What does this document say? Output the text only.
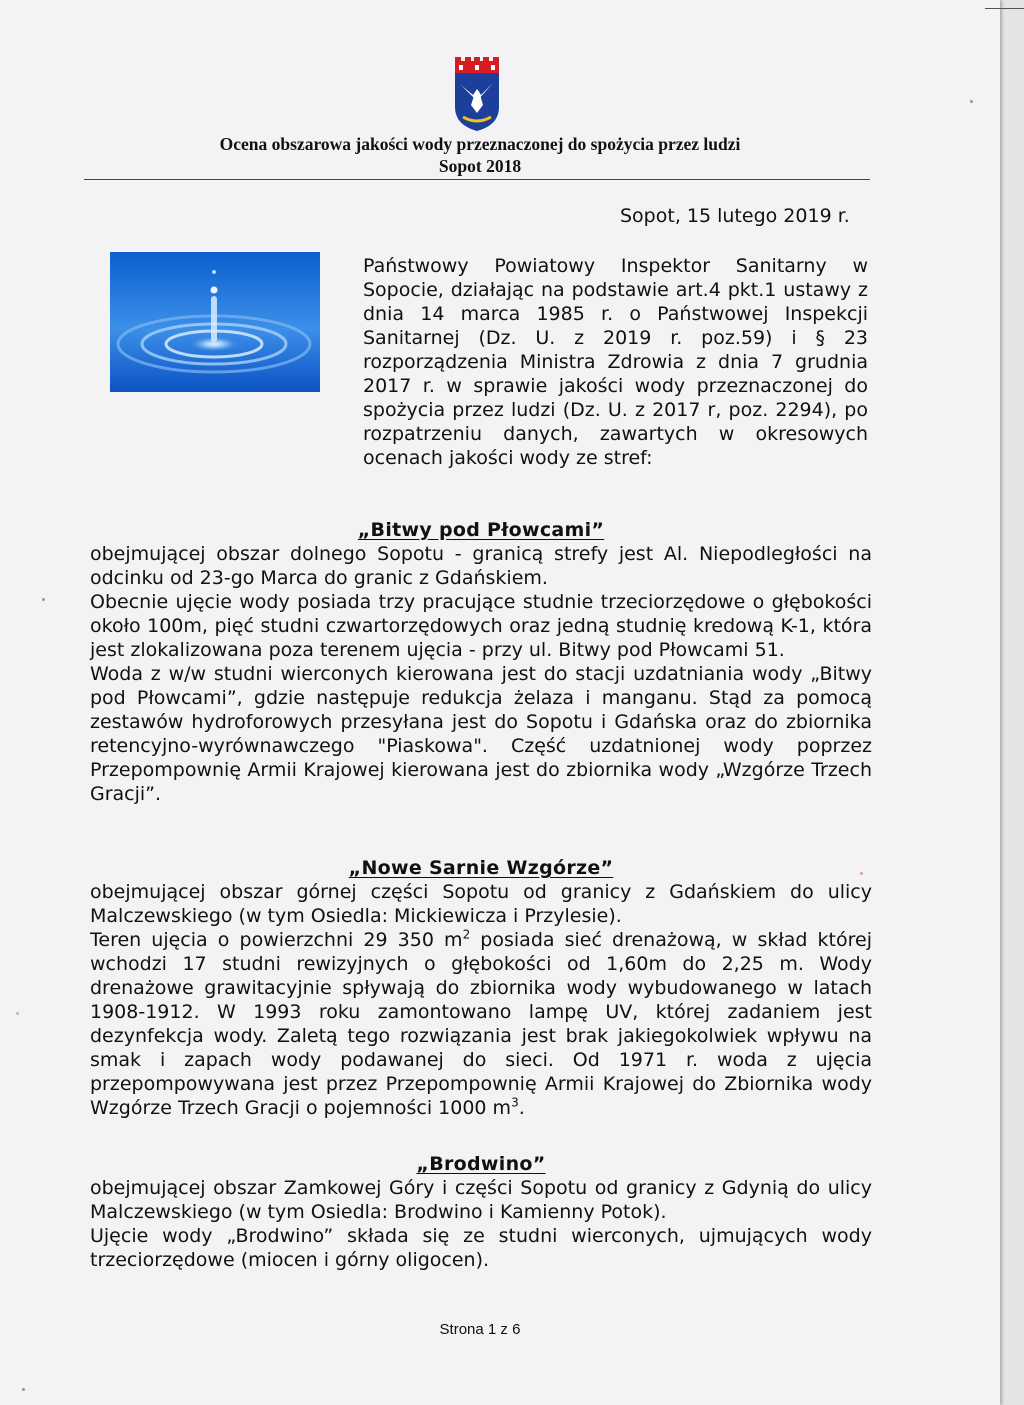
Ocena obszarowa jakości wody przeznaczonej do spożycia przez ludzi
Sopot 2018
Sopot, 15 lutego 2019 r.

Państwowy Powiatowy Inspektor Sanitarny w Sopocie, działając na podstawie art.4 pkt.1 ustawy z dnia 14 marca 1985 r. o Państwowej Inspekcji Sanitarnej (Dz. U. z 2019 r. poz.59) i § 23 rozporządzenia Ministra Zdrowia z dnia 7 grudnia 2017 r. w sprawie jakości wody przeznaczonej do spożycia przez ludzi (Dz. U. z 2017 r, poz. 2294), po rozpatrzeniu danych, zawartych w okresowych ocenach jakości wody ze stref:

„Bitwy pod Płowcami”

obejmującej obszar dolnego Sopotu - granicą strefy jest Al. Niepodległości na odcinku od 23-go Marca do granic z Gdańskiem.

Obecnie ujęcie wody posiada trzy pracujące studnie trzeciorzędowe o głębokości około 100m, pięć studni czwartorzędowych oraz jedną studnię kredową K-1, która jest zlokalizowana poza terenem ujęcia - przy ul. Bitwy pod Płowcami 51.

Woda z w/w studni wierconych kierowana jest do stacji uzdatniania wody „Bitwy pod Płowcami”, gdzie następuje redukcja żelaza i manganu. Stąd za pomocą zestawów hydroforowych przesyłana jest do Sopotu i Gdańska oraz do zbiornika retencyjno-wyrównawczego "Piaskowa". Część uzdatnionej wody poprzez Przepompownię Armii Krajowej kierowana jest do zbiornika wody „Wzgórze Trzech Gracji”.

„Nowe Sarnie Wzgórze”

obejmującej obszar górnej części Sopotu od granicy z Gdańskiem do ulicy Malczewskiego (w tym Osiedla: Mickiewicza i Przylesie).

Teren ujęcia o powierzchni 29 350 $m^2$ posiada sieć drenażową, w skład której wchodzi 17 studni rewizyjnych o głębokości od 1,60m do 2,25 m. Wody drenażowe grawitacyjnie spływają do zbiornika wody wybudowanego w latach 1908-1912. W 1993 roku zamontowano lampę UV, której zadaniem jest dezynfekcja wody. Zaletą tego rozwiązania jest brak jakiegokolwiek wpływu na smak i zapach wody podawanej do sieci. Od 1971 r. woda z ujęcia przepompowywana jest przez Przepompownię Armii Krajowej do Zbiornika wody Wzgórze Trzech Gracji o pojemności 1000 $m^3$.

„Brodwino”

obejmującej obszar Zamkowej Góry i części Sopotu od granicy z Gdynią do ulicy Malczewskiego (w tym Osiedla: Brodwino i Kamienny Potok).

Ujęcie wody „Brodwino” składa się ze studni wierconych, ujmujących wody trzeciorzędowe (miocen i górny oligocen).

Strona 1 z 6
